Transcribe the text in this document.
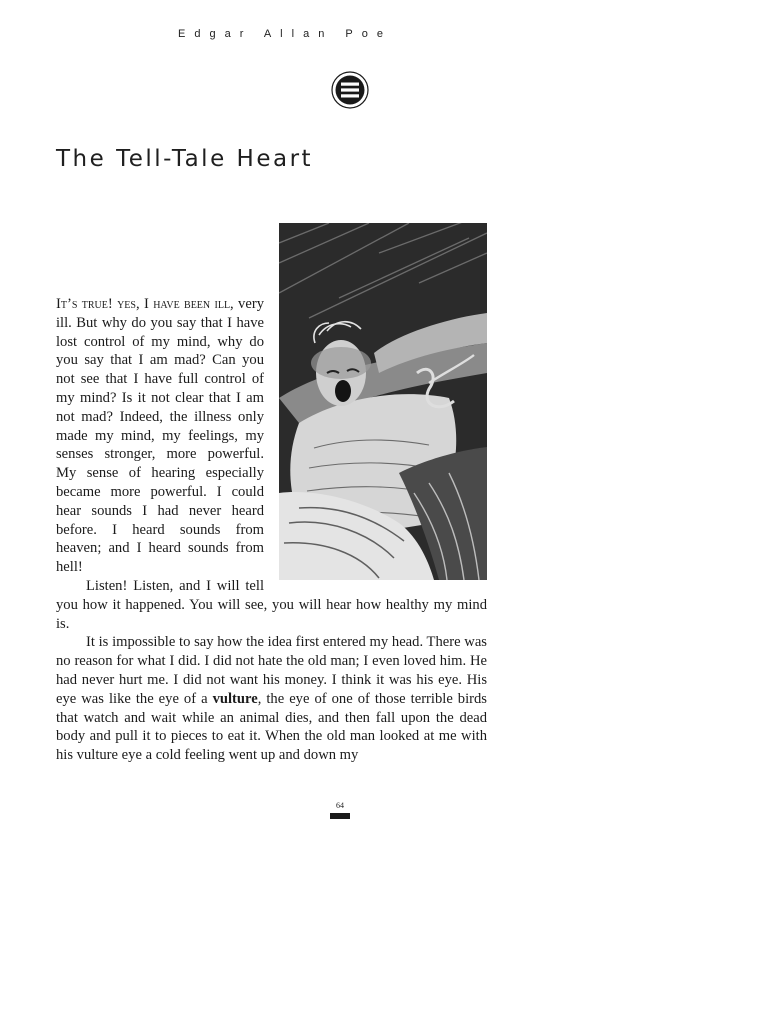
Edgar Allan Poe
The Tell-Tale Heart

It’s true! yes, I have been ill, very ill. But why do you say that I have lost control of my mind, why do you say that I am mad? Can you not see that I have full control of my mind? Is it not clear that I am not mad? Indeed, the illness only made my mind, my feelings, my senses stronger, more powerful. My sense of hearing especially became more powerful. I could hear sounds I had never heard before. I heard sounds from heaven; and I heard sounds from hell!

Listen! Listen, and I will tell you how it happened. You will see, you will hear how healthy my mind is.

It is impossible to say how the idea first entered my head. There was no reason for what I did. I did not hate the old man; I even loved him. He had never hurt me. I did not want his money. I think it was his eye. His eye was like the eye of a vulture, the eye of one of those terrible birds that watch and wait while an animal dies, and then fall upon the dead body and pull it to pieces to eat it. When the old man looked at me with his vulture eye a cold feeling went up and down my

64
